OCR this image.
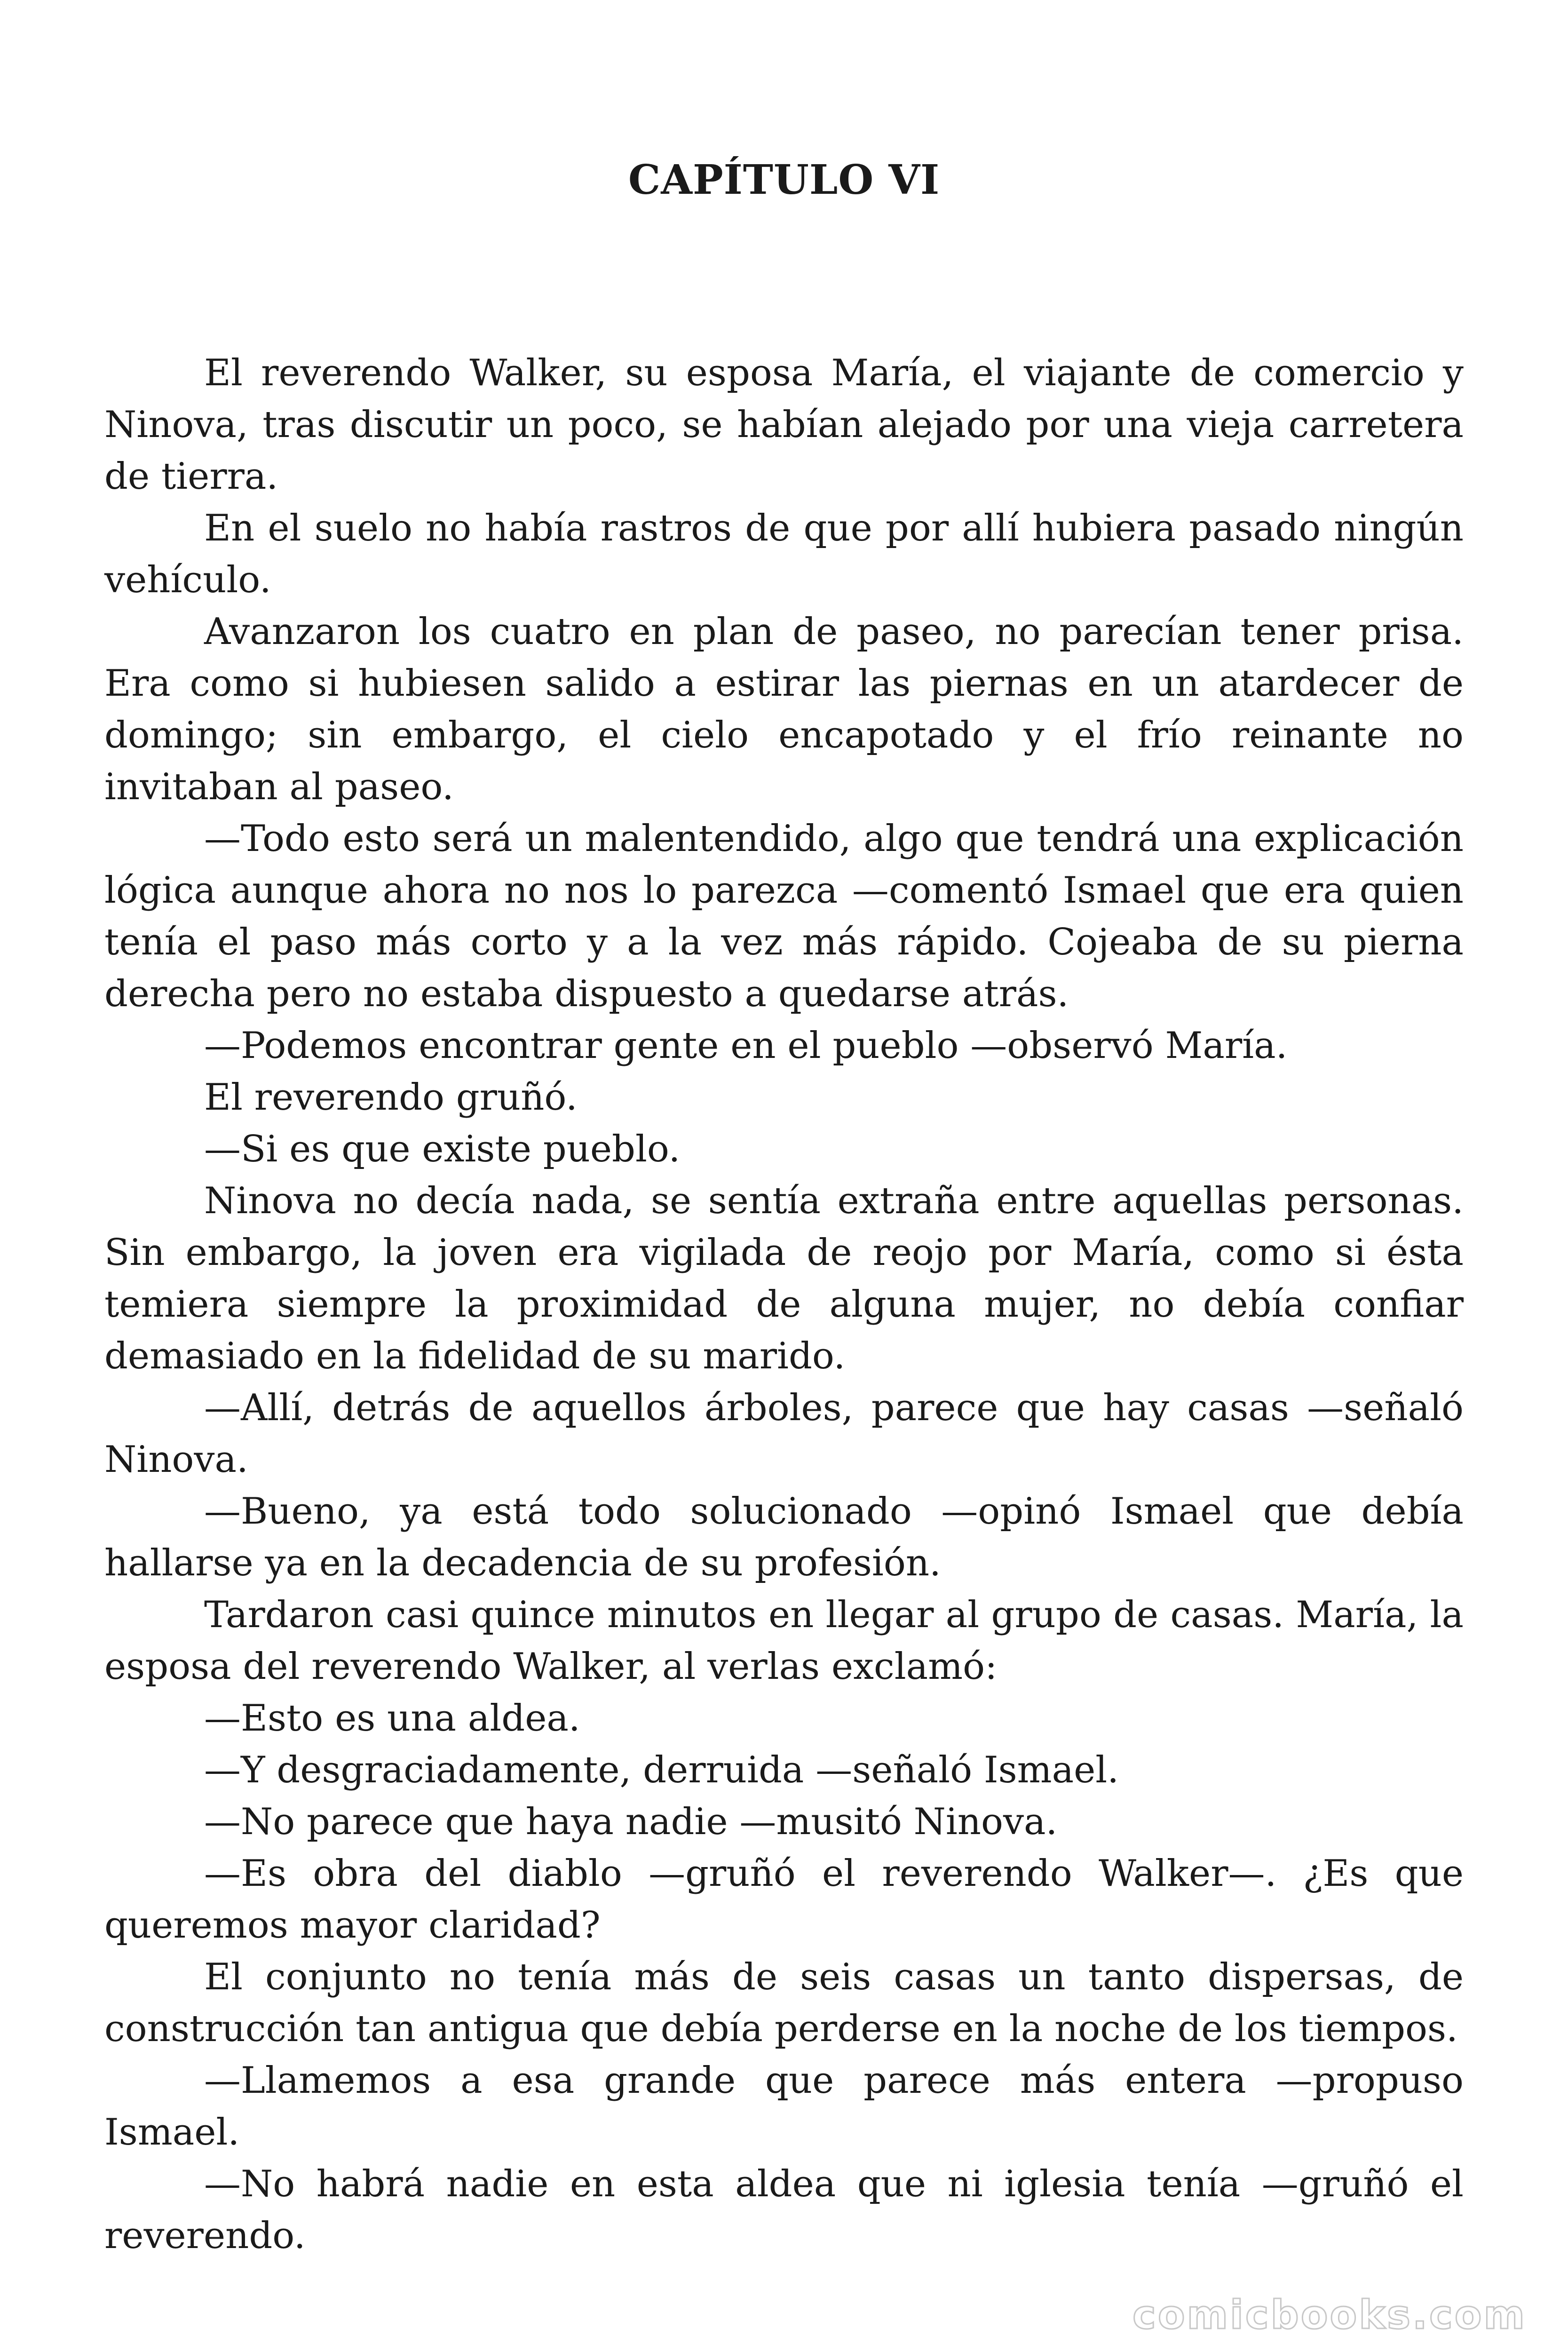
CAPÍTULO VI

El reverendo Walker, su esposa María, el viajante de comercio y Ninova, tras discutir un poco, se habían alejado por una vieja carretera de tierra.

En el suelo no había rastros de que por allí hubiera pasado ningún vehículo.

Avanzaron los cuatro en plan de paseo, no parecían tener prisa. Era como si hubiesen salido a estirar las piernas en un atardecer de domingo; sin embargo, el cielo encapotado y el frío reinante no invitaban al paseo.

—Todo esto será un malentendido, algo que tendrá una explicación lógica aunque ahora no nos lo parezca —comentó Ismael que era quien tenía el paso más corto y a la vez más rápido. Cojeaba de su pierna derecha pero no estaba dispuesto a quedarse atrás.

—Podemos encontrar gente en el pueblo —observó María.

El reverendo gruñó.

—Si es que existe pueblo.

Ninova no decía nada, se sentía extraña entre aquellas personas. Sin embargo, la joven era vigilada de reojo por María, como si ésta temiera siempre la proximidad de alguna mujer, no debía confiar demasiado en la fidelidad de su marido.

—Allí, detrás de aquellos árboles, parece que hay casas —señaló Ninova.

—Bueno, ya está todo solucionado —opinó Ismael que debía hallarse ya en la decadencia de su profesión.

Tardaron casi quince minutos en llegar al grupo de casas. María, la esposa del reverendo Walker, al verlas exclamó:

—Esto es una aldea.

—Y desgraciadamente, derruida —señaló Ismael.

—No parece que haya nadie —musitó Ninova.

—Es obra del diablo —gruñó el reverendo Walker—. ¿Es que queremos mayor claridad?

El conjunto no tenía más de seis casas un tanto dispersas, de construcción tan antigua que debía perderse en la noche de los tiempos.

—Llamemos a esa grande que parece más entera —propuso Ismael.

—No habrá nadie en esta aldea que ni iglesia tenía —gruñó el reverendo.

comicbooks.com
